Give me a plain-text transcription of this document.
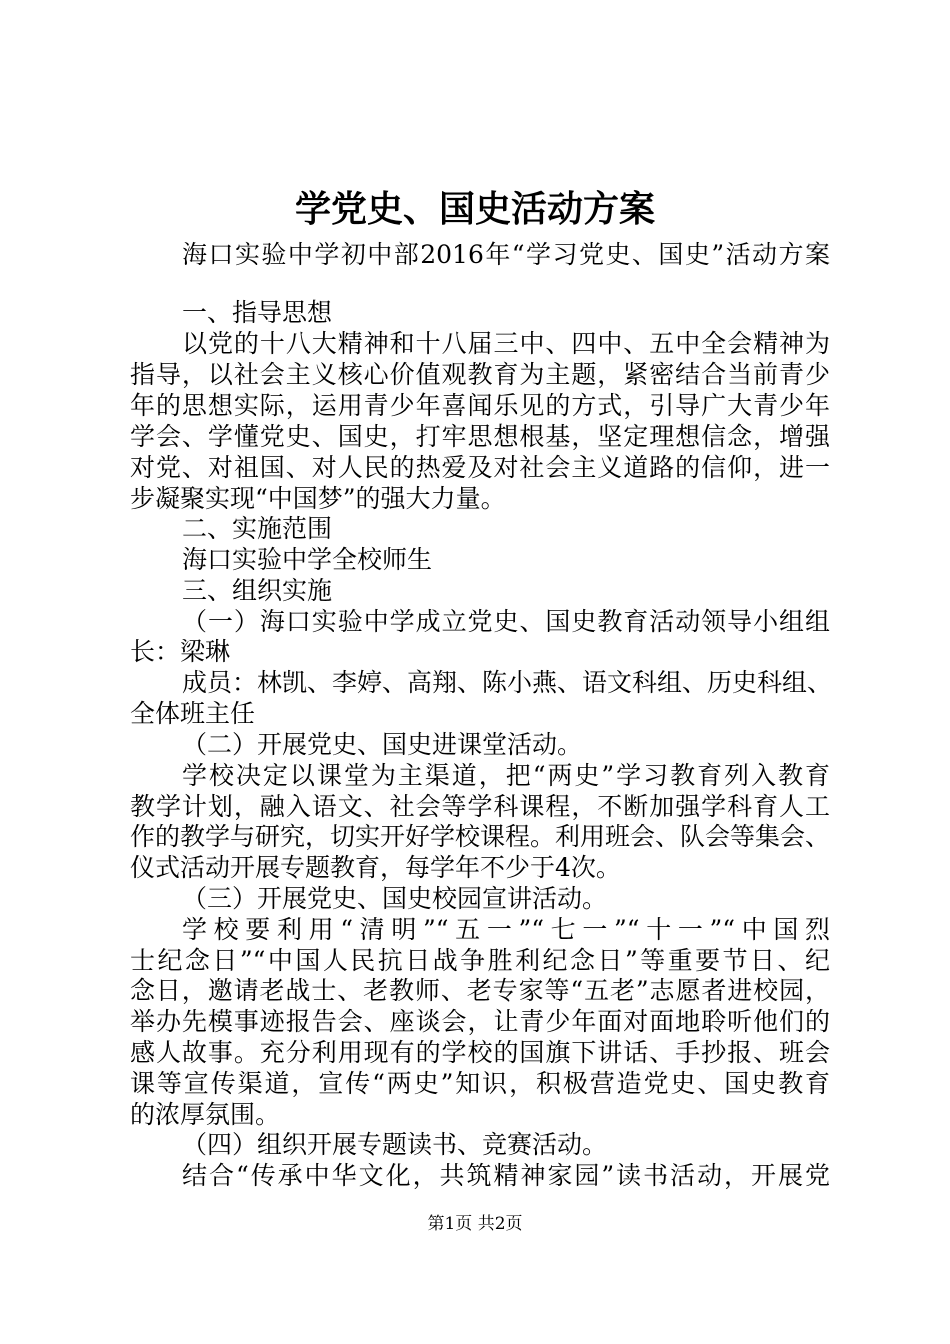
学党史、国史活动方案
海口实验中学初中部2016年“学习党史、国史”活动方案
一、指导思想
以党的十八大精神和十八届三中、四中、五中全会精神为
指导，以社会主义核心价值观教育为主题，紧密结合当前青少
年的思想实际，运用青少年喜闻乐见的方式，引导广大青少年
学会、学懂党史、国史，打牢思想根基，坚定理想信念，增强
对党、对祖国、对人民的热爱及对社会主义道路的信仰，进一
步凝聚实现“中国梦”的强大力量。
二、实施范围
海口实验中学全校师生
三、组织实施
（一）海口实验中学成立党史、国史教育活动领导小组组
长：梁琳
成员：林凯、李婷、高翔、陈小燕、语文科组、历史科组、
全体班主任
（二）开展党史、国史进课堂活动。
学校决定以课堂为主渠道，把“两史”学习教育列入教育
教学计划，融入语文、社会等学科课程，不断加强学科育人工
作的教学与研究，切实开好学校课程。利用班会、队会等集会、
仪式活动开展专题教育，每学年不少于4次。
（三）开展党史、国史校园宣讲活动。
学校要利用“清明”“五一”“七一”“十一”“中国烈
士纪念日”“中国人民抗日战争胜利纪念日”等重要节日、纪
念日，邀请老战士、老教师、老专家等“五老”志愿者进校园，
举办先模事迹报告会、座谈会，让青少年面对面地聆听他们的
感人故事。充分利用现有的学校的国旗下讲话、手抄报、班会
课等宣传渠道，宣传“两史”知识，积极营造党史、国史教育
的浓厚氛围。
（四）组织开展专题读书、竞赛活动。
结合“传承中华文化，共筑精神家园”读书活动，开展党
第1页 共2页
